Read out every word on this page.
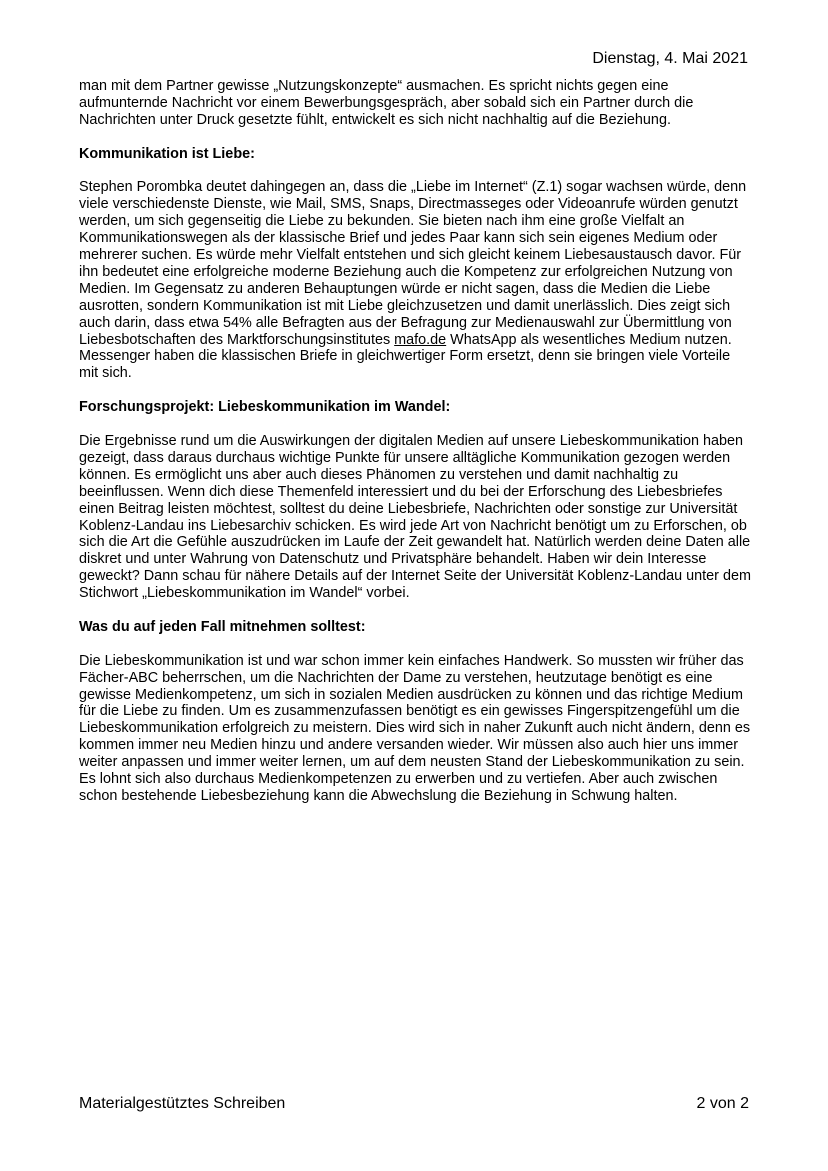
Dienstag, 4. Mai 2021

man mit dem Partner gewisse „Nutzungskonzepte“ ausmachen. Es spricht nichts gegen eine aufmunternde Nachricht vor einem Bewerbungsgespräch, aber sobald sich ein Partner durch die Nachrichten unter Druck gesetzte fühlt, entwickelt es sich nicht nachhaltig auf die Beziehung.

Kommunikation ist Liebe:

Stephen Porombka deutet dahingegen an, dass die „Liebe im Internet“ (Z.1) sogar wachsen würde, denn viele verschiedenste Dienste, wie Mail, SMS, Snaps, Directmasseges oder Videoanrufe würden genutzt werden, um sich gegenseitig die Liebe zu bekunden. Sie bieten nach ihm eine große Vielfalt an Kommunikationswegen als der klassische Brief und jedes Paar kann sich sein eigenes Medium oder mehrerer suchen. Es würde mehr Vielfalt entstehen und sich gleicht keinem Liebesaustausch davor. Für ihn bedeutet eine erfolgreiche moderne Beziehung auch die Kompetenz zur erfolgreichen Nutzung von Medien. Im Gegensatz zu anderen Behauptungen würde er nicht sagen, dass die Medien die Liebe ausrotten, sondern Kommunikation ist mit Liebe gleichzusetzen und damit unerlässlich. Dies zeigt sich auch darin, dass etwa 54% alle Befragten aus der Befragung zur Medienauswahl zur Übermittlung von Liebesbotschaften des Marktforschungsinstitutes mafo.de WhatsApp als wesentliches Medium nutzen. Messenger haben die klassischen Briefe in gleichwertiger Form ersetzt, denn sie bringen viele Vorteile mit sich.

Forschungsprojekt: Liebeskommunikation im Wandel:

Die Ergebnisse rund um die Auswirkungen der digitalen Medien auf unsere Liebeskommunikation haben gezeigt, dass daraus durchaus wichtige Punkte für unsere alltägliche Kommunikation gezogen werden können. Es ermöglicht uns aber auch dieses Phänomen zu verstehen und damit nachhaltig zu beeinflussen. Wenn dich diese Themenfeld interessiert und du bei der Erforschung des Liebesbriefes einen Beitrag leisten möchtest, solltest du deine Liebesbriefe, Nachrichten oder sonstige zur Universität Koblenz-Landau ins Liebesarchiv schicken. Es wird jede Art von Nachricht benötigt um zu Erforschen, ob sich die Art die Gefühle auszudrücken im Laufe der Zeit gewandelt hat. Natürlich werden deine Daten alle diskret und unter Wahrung von Datenschutz und Privatsphäre behandelt. Haben wir dein Interesse geweckt? Dann schau für nähere Details auf der Internet Seite der Universität Koblenz-Landau unter dem Stichwort „Liebeskommunikation im Wandel“ vorbei.

Was du auf jeden Fall mitnehmen solltest:

Die Liebeskommunikation ist und war schon immer kein einfaches Handwerk. So mussten wir früher das Fächer-ABC beherrschen, um die Nachrichten der Dame zu verstehen, heutzutage benötigt es eine gewisse Medienkompetenz, um sich in sozialen Medien ausdrücken zu können und das richtige Medium für die Liebe zu finden. Um es zusammenzufassen benötigt es ein gewisses Fingerspitzengefühl um die Liebeskommunikation erfolgreich zu meistern. Dies wird sich in naher Zukunft auch nicht ändern, denn es kommen immer neu Medien hinzu und andere versanden wieder. Wir müssen also auch hier uns immer weiter anpassen und immer weiter lernen, um auf dem neusten Stand der Liebeskommunikation zu sein. Es lohnt sich also durchaus Medienkompetenzen zu erwerben und zu vertiefen. Aber auch zwischen schon bestehende Liebesbeziehung kann die Abwechslung die Beziehung in Schwung halten.

Materialgestütztes Schreiben	2 von 2
